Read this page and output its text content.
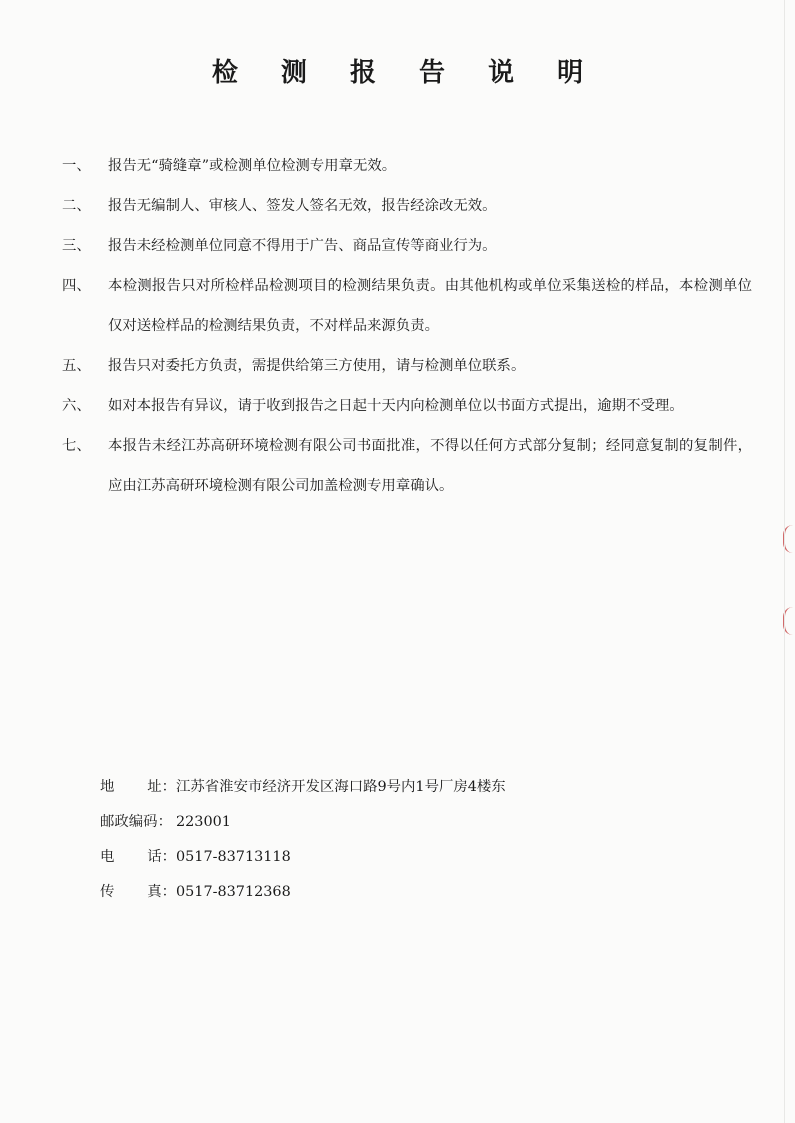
检 测 报 告 说 明
一、	报告无“骑缝章”或检测单位检测专用章无效。
二、	报告无编制人、审核人、签发人签名无效，报告经涂改无效。
三、	报告未经检测单位同意不得用于广告、商品宣传等商业行为。
四、	本检测报告只对所检样品检测项目的检测结果负责。由其他机构或单位采集送检的样品，本检测单位仅对送检样品的检测结果负责，不对样品来源负责。
五、	报告只对委托方负责，需提供给第三方使用，请与检测单位联系。
六、	如对本报告有异议，请于收到报告之日起十天内向检测单位以书面方式提出，逾期不受理。
七、	本报告未经江苏高研环境检测有限公司书面批准，不得以任何方式部分复制；经同意复制的复制件，应由江苏高研环境检测有限公司加盖检测专用章确认。
地 址： 江苏省淮安市经济开发区海口路9号内1号厂房4楼东
邮政编码： 223001
电 话： 0517-83713118
传 真： 0517-83712368
